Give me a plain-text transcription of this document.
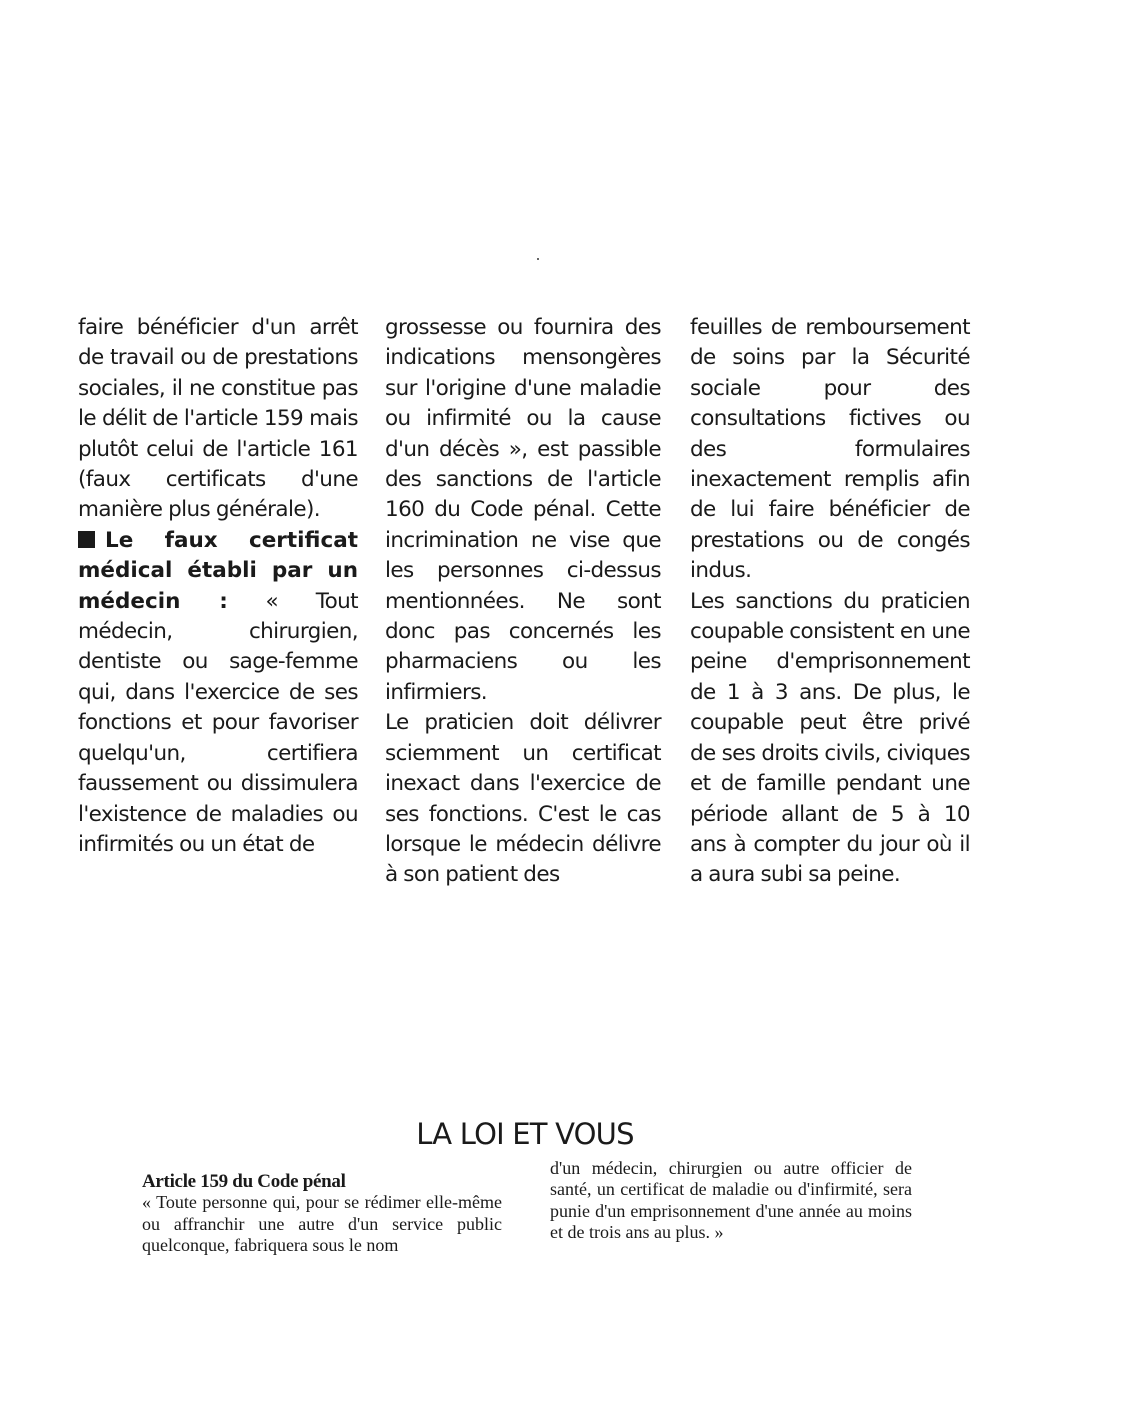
faire bénéficier d'un arrêt de travail ou de prestations sociales, il ne constitue pas le délit de l'article 159 mais plutôt celui de l'article 161 (faux certificats d'une manière plus générale).

Le faux certificat médical établi par un médecin : « Tout médecin, chirurgien, dentiste ou sage-femme qui, dans l'exercice de ses fonctions et pour favoriser quelqu'un, certifiera faussement ou dissimulera l'existence de maladies ou infirmités ou un état de

grossesse ou fournira des indications mensongères sur l'origine d'une maladie ou infirmité ou la cause d'un décès », est passible des sanctions de l'article 160 du Code pénal. Cette incrimination ne vise que les personnes ci-dessus mentionnées. Ne sont donc pas concernés les pharmaciens ou les infirmiers.

Le praticien doit délivrer sciemment un certificat inexact dans l'exercice de ses fonctions. C'est le cas lorsque le médecin délivre à son patient des

feuilles de remboursement de soins par la Sécurité sociale pour des consultations fictives ou des formulaires inexactement remplis afin de lui faire bénéficier de prestations ou de congés indus.

Les sanctions du praticien coupable consistent en une peine d'emprisonnement de 1 à 3 ans. De plus, le coupable peut être privé de ses droits civils, civiques et de famille pendant une période allant de 5 à 10 ans à compter du jour où il a aura subi sa peine.

LA LOI ET VOUS

Article 159 du Code pénal

« Toute personne qui, pour se rédimer elle-même ou affranchir une autre d'un service public quelconque, fabriquera sous le nom

d'un médecin, chirurgien ou autre officier de santé, un certificat de maladie ou d'infirmité, sera punie d'un emprisonnement d'une année au moins et de trois ans au plus. »
